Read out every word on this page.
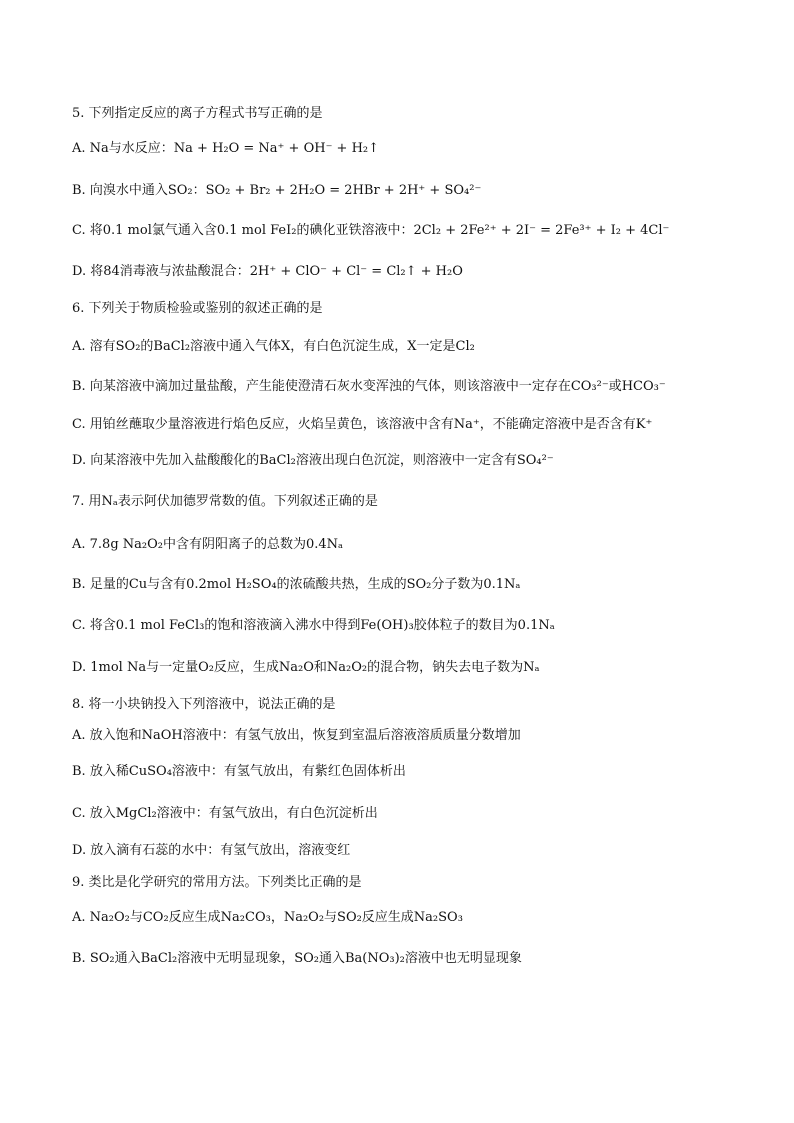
5. 下列指定反应的离子方程式书写正确的是
A. Na与水反应：Na + H₂O = Na⁺ + OH⁻ + H₂↑
B. 向溴水中通入SO₂：SO₂ + Br₂ + 2H₂O = 2HBr + 2H⁺ + SO₄²⁻
C. 将0.1 mol氯气通入含0.1 mol FeI₂的碘化亚铁溶液中：2Cl₂ + 2Fe²⁺ + 2I⁻ = 2Fe³⁺ + I₂ + 4Cl⁻
D. 将84消毒液与浓盐酸混合：2H⁺ + ClO⁻ + Cl⁻ = Cl₂↑ + H₂O
6. 下列关于物质检验或鉴别的叙述正确的是
A. 溶有SO₂的BaCl₂溶液中通入气体X，有白色沉淀生成，X一定是Cl₂
B. 向某溶液中滴加过量盐酸，产生能使澄清石灰水变浑浊的气体，则该溶液中一定存在CO₃²⁻或HCO₃⁻
C. 用铂丝蘸取少量溶液进行焰色反应，火焰呈黄色，该溶液中含有Na⁺，不能确定溶液中是否含有K⁺
D. 向某溶液中先加入盐酸酸化的BaCl₂溶液出现白色沉淀，则溶液中一定含有SO₄²⁻
7. 用Nₐ表示阿伏加德罗常数的值。下列叙述正确的是
A. 7.8g Na₂O₂中含有阴阳离子的总数为0.4Nₐ
B. 足量的Cu与含有0.2mol H₂SO₄的浓硫酸共热，生成的SO₂分子数为0.1Nₐ
C. 将含0.1 mol FeCl₃的饱和溶液滴入沸水中得到Fe(OH)₃胶体粒子的数目为0.1Nₐ
D. 1mol Na与一定量O₂反应，生成Na₂O和Na₂O₂的混合物，钠失去电子数为Nₐ
8. 将一小块钠投入下列溶液中，说法正确的是
A. 放入饱和NaOH溶液中：有氢气放出，恢复到室温后溶液溶质质量分数增加
B. 放入稀CuSO₄溶液中：有氢气放出，有紫红色固体析出
C. 放入MgCl₂溶液中：有氢气放出，有白色沉淀析出
D. 放入滴有石蕊的水中：有氢气放出，溶液变红
9. 类比是化学研究的常用方法。下列类比正确的是
A. Na₂O₂与CO₂反应生成Na₂CO₃，Na₂O₂与SO₂反应生成Na₂SO₃
B. SO₂通入BaCl₂溶液中无明显现象，SO₂通入Ba(NO₃)₂溶液中也无明显现象
